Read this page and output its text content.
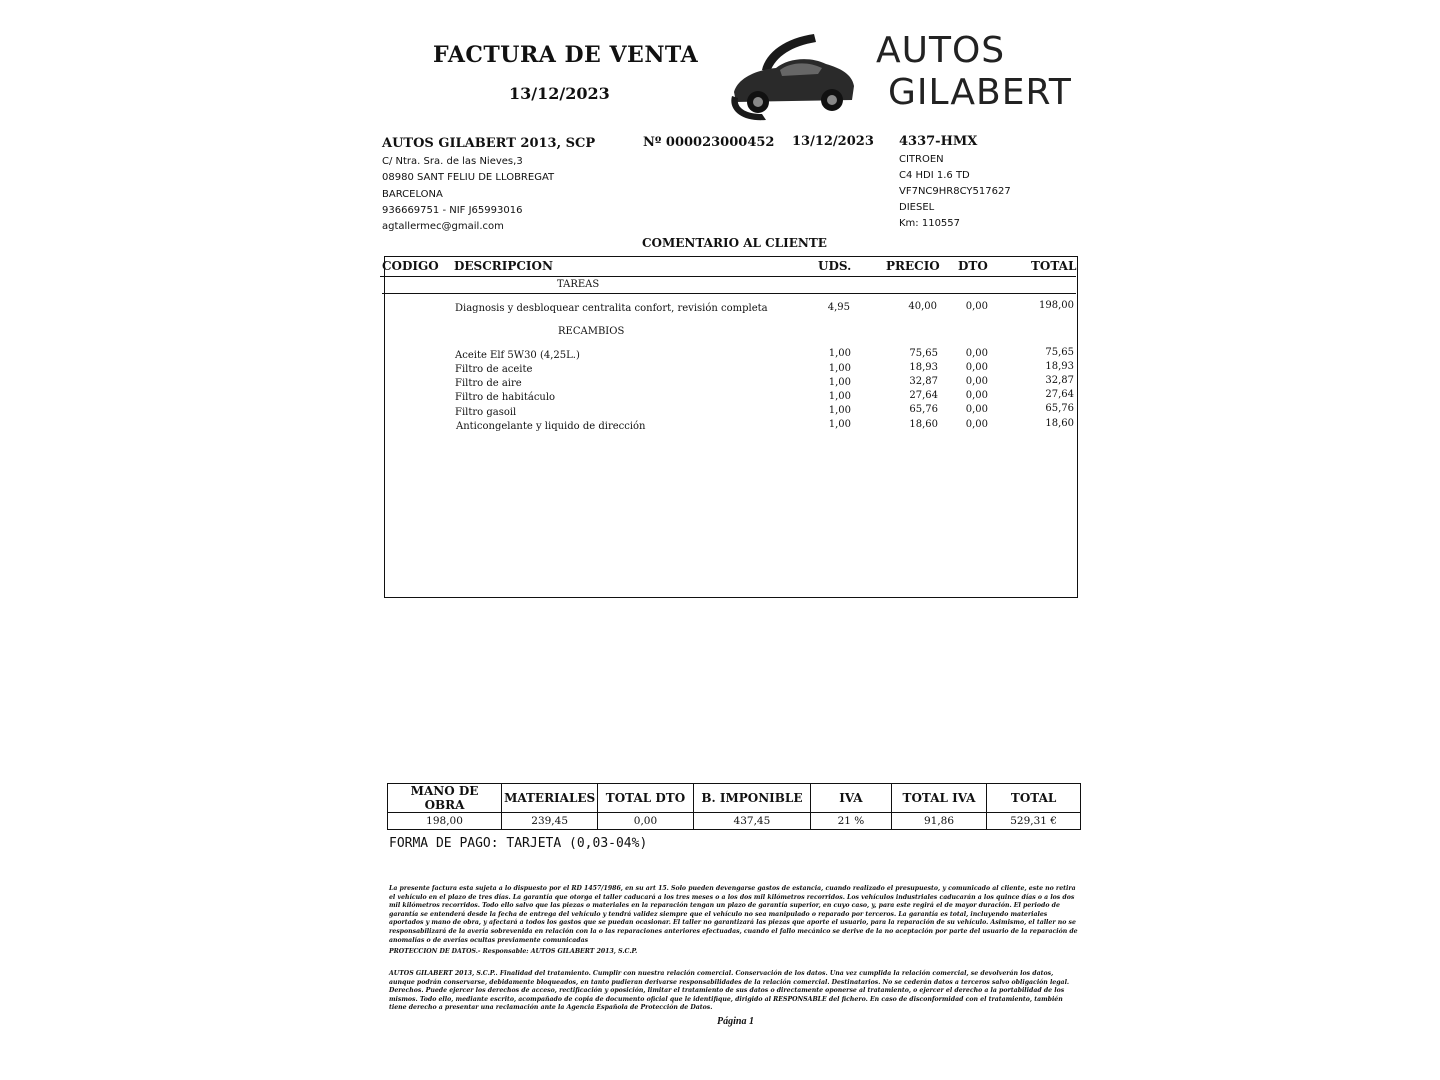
FACTURA DE VENTA
13/12/2023
AUTOS
GILABERT
AUTOS GILABERT 2013, SCP
C/ Ntra. Sra. de las Nieves,3
08980 SANT FELIU DE LLOBREGAT
BARCELONA
936669751 - NIF J65993016
agtallermec@gmail.com
Nº 000023000452 13/12/2023 4337-HMX
CITROEN
C4 HDI 1.6 TD
VF7NC9HR8CY517627
DIESEL
Km: 110557
COMENTARIO AL CLIENTE
CODIGO DESCRIPCION	UDS.	PRECIO DTO	TOTAL
TAREAS
Diagnosis y desbloquear centralita confort, revisión completa	4,95	40,00	0,00	198,00
RECAMBIOS
Aceite Elf 5W30 (4,25L.)	1,00	75,65	0,00	75,65
Filtro de aceite	1,00	18,93	0,00	18,93
Filtro de aire	1,00	32,87	0,00	32,87
Filtro de habitáculo	1,00	27,64	0,00	27,64
Filtro gasoil	1,00	65,76	0,00	65,76
Anticongelante y liquido de dirección	1,00	18,60	0,00	18,60
MANO DE OBRA	MATERIALES	TOTAL DTO	B. IMPONIBLE	IVA	TOTAL IVA	TOTAL
198,00	239,45	0,00	437,45	21 %	91,86	529,31 €
FORMA DE PAGO: TARJETA (0,03-04%)
La presente factura esta sujeta a lo dispuesto por el RD 1457/1986, en su art 15. Solo pueden devengarse gastos de estancia, cuando realizado el presupuesto, y comunicado al cliente, este no retira el vehículo en el plazo de tres días. La garantía que otorga el taller caducará a los tres meses o a los dos mil kilómetros recorridos. Los vehículos industriales caducarán a los quince días o a los dos mil kilómetros recorridos. Todo ello salvo que las piezas o materiales en la reparación tengan un plazo de garantía superior, en cuyo caso, y, para este regirá el de mayor duración. El periodo de garantía se entenderá desde la fecha de entrega del vehículo y tendrá validez siempre que el vehículo no sea manipulado o reparado por terceros. La garantía es total, incluyendo materiales aportados y mano de obra, y afectará a todos los gastos que se puedan ocasionar. El taller no garantizará las piezas que aporte el usuario, para la reparación de su vehículo. Asimismo, el taller no se responsabilizará de la avería sobrevenida en relación con la o las reparaciones anteriores efectuadas, cuando el fallo mecánico se derive de la no aceptación por parte del usuario de la reparación de anomalías o de averías ocultas previamente comunicadas
PROTECCION DE DATOS.- Responsable: AUTOS GILABERT 2013, S.C.P.
AUTOS GILABERT 2013, S.C.P.. Finalidad del tratamiento. Cumplir con nuestra relación comercial. Conservación de los datos. Una vez cumplida la relación comercial, se devolverán los datos, aunque podrán conservarse, debidamente bloqueados, en tanto pudieran derivarse responsabilidades de la relación comercial. Destinatarios. No se cederán datos a terceros salvo obligación legal. Derechos. Puede ejercer los derechos de acceso, rectificación y oposición, limitar el tratamiento de sus datos o directamente oponerse al tratamiento, o ejercer el derecho a la portabilidad de los mismos. Todo ello, mediante escrito, acompañado de copia de documento oficial que le identifique, dirigido al RESPONSABLE del fichero. En caso de disconformidad con el tratamiento, también tiene derecho a presentar una reclamación ante la Agencia Española de Protección de Datos.
Página 1
